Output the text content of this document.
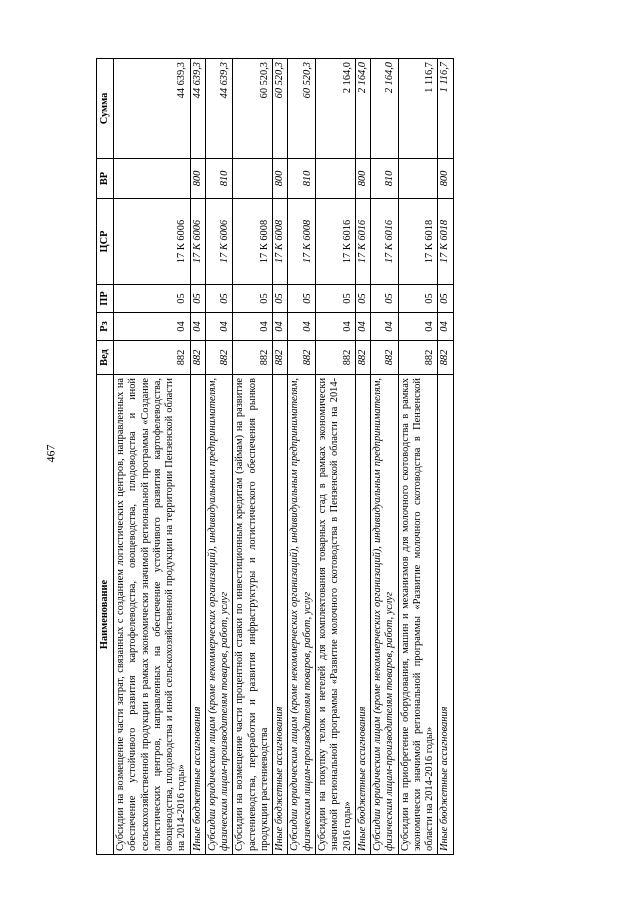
467
Наименование	Вед	Рз	ПР	ЦСР	ВР	Сумма
Субсидии на возмещение части затрат, связанных с созданием логистических центров, направленных на обеспечение устойчивого развития картофелеводства, овощеводства, плодоводства и иной сельскохозяйственной продукции в рамках экономически значимой региональной программы «Создание логистических центров, направленных на обеспечение устойчивого развития картофелеводства, овощеводства, плодоводства и иной сельскохозяйственной продукции на территории Пензенской области на 2014-2016 годы»	882	04	05	17 К 6006		44 639,3
Иные бюджетные ассигнования	882	04	05	17 К 6006	800	44 639,3
Субсидии юридическим лицам (кроме некоммерческих организаций), индивидуальным предпринимателям, физическим лицам-производителям товаров, работ, услуг	882	04	05	17 К 6006	810	44 639,3
Субсидии на возмещение части процентной ставки по инвестиционным кредитам (займам) на развитие растениеводства, переработки и развития инфраструктуры и логистического обеспечения рынков продукции растениеводства	882	04	05	17 К 6008		60 520,3
Иные бюджетные ассигнования	882	04	05	17 К 6008	800	60 520,3
Субсидии юридическим лицам (кроме некоммерческих организаций), индивидуальным предпринимателям, физическим лицам-производителям товаров, работ, услуг	882	04	05	17 К 6008	810	60 520,3
Субсидии на покупку телок и нетелей для комплектования товарных стад в рамках экономически значимой региональной программы «Развитие молочного скотоводства в Пензенской области на 2014-2016 годы»	882	04	05	17 К 6016		2 164,0
Иные бюджетные ассигнования	882	04	05	17 К 6016	800	2 164,0
Субсидии юридическим лицам (кроме некоммерческих организаций), индивидуальным предпринимателям, физическим лицам-производителям товаров, работ, услуг	882	04	05	17 К 6016	810	2 164,0
Субсидии на приобретение оборудования, машин и механизмов для молочного скотоводства в рамках экономически значимой региональной программы «Развитие молочного скотоводства в Пензенской области на 2014-2016 годы»	882	04	05	17 К 6018		1 116,7
Иные бюджетные ассигнования	882	04	05	17 К 6018	800	1 116,7
